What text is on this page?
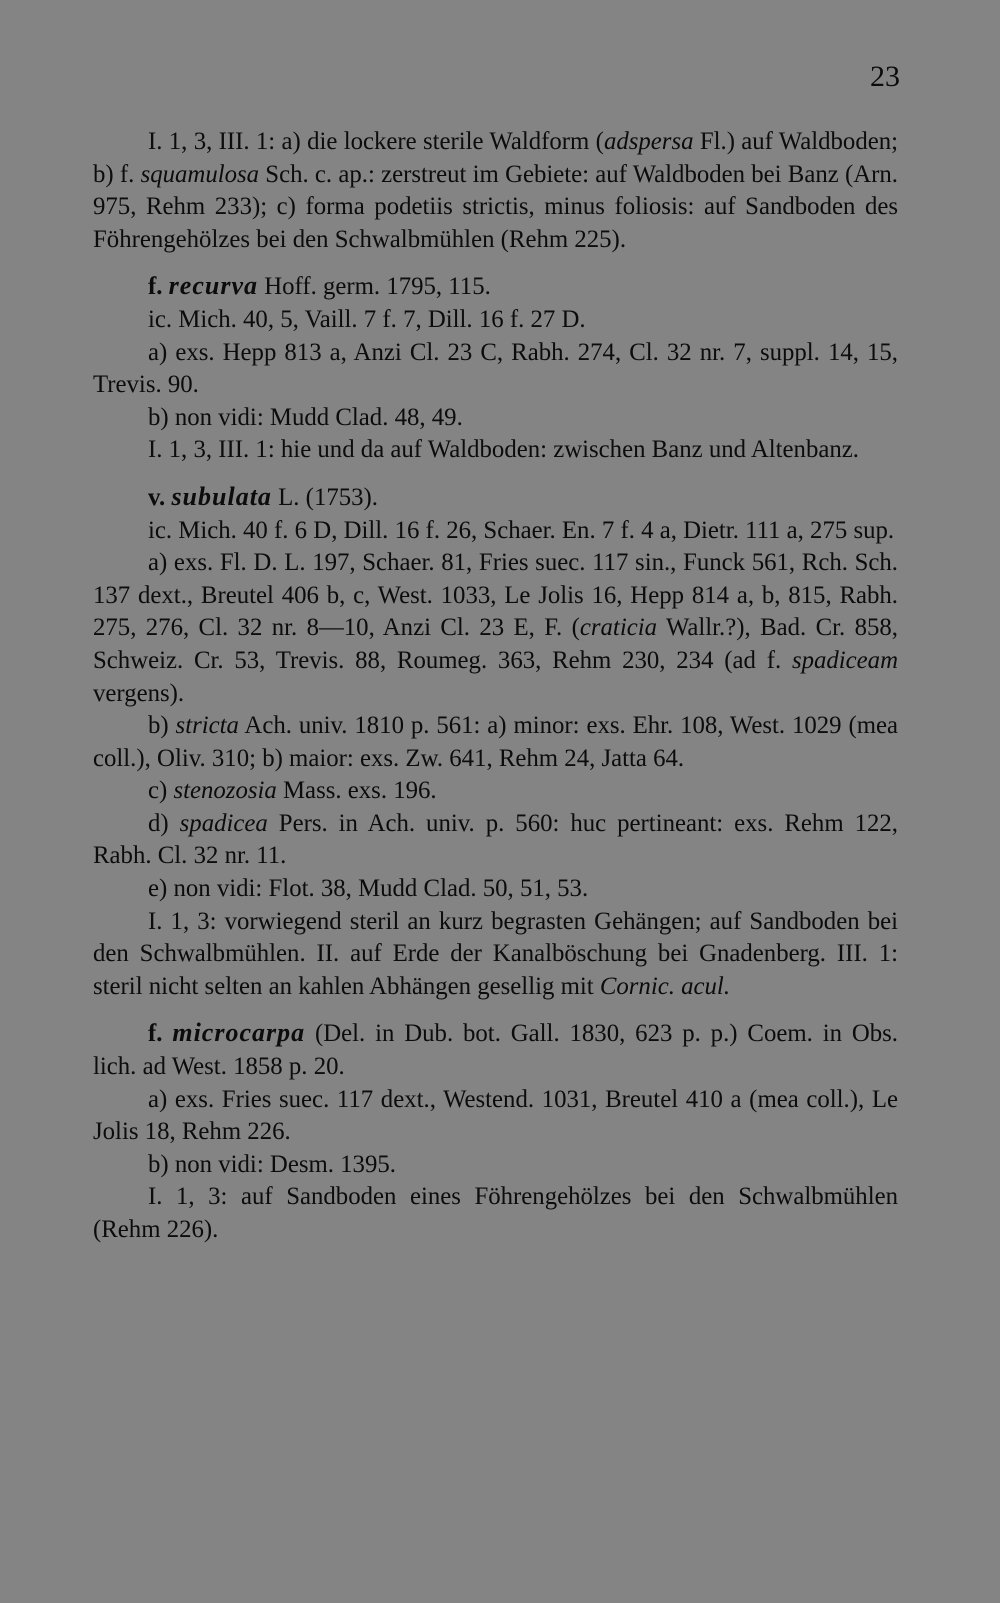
23
I. 1, 3, III. 1: a) die lockere sterile Waldform (adspersa Fl.) auf Waldboden; b) f. squamulosa Sch. c. ap.: zerstreut im Gebiete: auf Waldboden bei Banz (Arn. 975, Rehm 233); c) forma podetiis strictis, minus foliosis: auf Sandboden des Föhrengehölzes bei den Schwalbmühlen (Rehm 225).
f. recurva Hoff. germ. 1795, 115.
ic. Mich. 40, 5, Vaill. 7 f. 7, Dill. 16 f. 27 D.
a) exs. Hepp 813 a, Anzi Cl. 23 C, Rabh. 274, Cl. 32 nr. 7, suppl. 14, 15, Trevis. 90.
b) non vidi: Mudd Clad. 48, 49.
I. 1, 3, III. 1: hie und da auf Waldboden: zwischen Banz und Altenbanz.
v. subulata L. (1753).
ic. Mich. 40 f. 6 D, Dill. 16 f. 26, Schaer. En. 7 f. 4 a, Dietr. 111 a, 275 sup.
a) exs. Fl. D. L. 197, Schaer. 81, Fries suec. 117 sin., Funck 561, Rch. Sch. 137 dext., Breutel 406 b, c, West. 1033, Le Jolis 16, Hepp 814 a, b, 815, Rabh. 275, 276, Cl. 32 nr. 8—10, Anzi Cl. 23 E, F. (craticia Wallr.?), Bad. Cr. 858, Schweiz. Cr. 53, Trevis. 88, Roumeg. 363, Rehm 230, 234 (ad f. spadiceam vergens).
b) stricta Ach. univ. 1810 p. 561: a) minor: exs. Ehr. 108, West. 1029 (mea coll.), Oliv. 310; b) maior: exs. Zw. 641, Rehm 24, Jatta 64.
c) stenozosia Mass. exs. 196.
d) spadicea Pers. in Ach. univ. p. 560: huc pertineant: exs. Rehm 122, Rabh. Cl. 32 nr. 11.
e) non vidi: Flot. 38, Mudd Clad. 50, 51, 53.
I. 1, 3: vorwiegend steril an kurz begrasten Gehängen; auf Sandboden bei den Schwalbmühlen. II. auf Erde der Kanalböschung bei Gnadenberg. III. 1: steril nicht selten an kahlen Abhängen gesellig mit Cornic. acul.
f. microcarpa (Del. in Dub. bot. Gall. 1830, 623 p. p.) Coem. in Obs. lich. ad West. 1858 p. 20.
a) exs. Fries suec. 117 dext., Westend. 1031, Breutel 410 a (mea coll.), Le Jolis 18, Rehm 226.
b) non vidi: Desm. 1395.
I. 1, 3: auf Sandboden eines Föhrengehölzes bei den Schwalbmühlen (Rehm 226).
